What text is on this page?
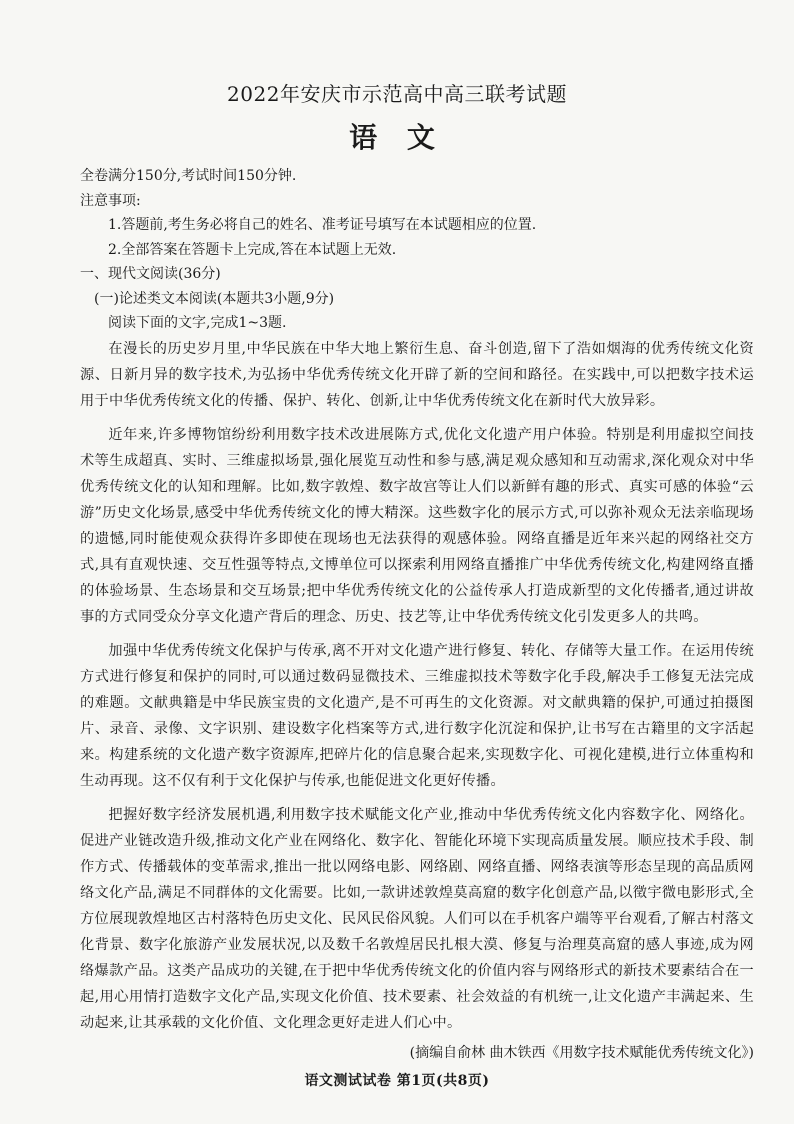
2022年安庆市示范高中高三联考试题
语 文

全卷满分150分,考试时间150分钟.

注意事项:

1.答题前,考生务必将自己的姓名、准考证号填写在本试题相应的位置.

2.全部答案在答题卡上完成,答在本试题上无效.

一、现代文阅读(36分)

(一)论述类文本阅读(本题共3小题,9分)

阅读下面的文字,完成1~3题.

在漫长的历史岁月里,中华民族在中华大地上繁衍生息、奋斗创造,留下了浩如烟海的优秀传统文化资源、日新月异的数字技术,为弘扬中华优秀传统文化开辟了新的空间和路径。在实践中,可以把数字技术运用于中华优秀传统文化的传播、保护、转化、创新,让中华优秀传统文化在新时代大放异彩。

近年来,许多博物馆纷纷利用数字技术改进展陈方式,优化文化遗产用户体验。特别是利用虚拟空间技术等生成超真、实时、三维虚拟场景,强化展览互动性和参与感,满足观众感知和互动需求,深化观众对中华优秀传统文化的认知和理解。比如,数字敦煌、数字故宫等让人们以新鲜有趣的形式、真实可感的体验“云游”历史文化场景,感受中华优秀传统文化的博大精深。这些数字化的展示方式,可以弥补观众无法亲临现场的遗憾,同时能使观众获得许多即使在现场也无法获得的观感体验。网络直播是近年来兴起的网络社交方式,具有直观快速、交互性强等特点,文博单位可以探索利用网络直播推广中华优秀传统文化,构建网络直播的体验场景、生态场景和交互场景;把中华优秀传统文化的公益传承人打造成新型的文化传播者,通过讲故事的方式同受众分享文化遗产背后的理念、历史、技艺等,让中华优秀传统文化引发更多人的共鸣。

加强中华优秀传统文化保护与传承,离不开对文化遗产进行修复、转化、存储等大量工作。在运用传统方式进行修复和保护的同时,可以通过数码显微技术、三维虚拟技术等数字化手段,解决手工修复无法完成的难题。文献典籍是中华民族宝贵的文化遗产,是不可再生的文化资源。对文献典籍的保护,可通过拍摄图片、录音、录像、文字识别、建设数字化档案等方式,进行数字化沉淀和保护,让书写在古籍里的文字活起来。构建系统的文化遗产数字资源库,把碎片化的信息聚合起来,实现数字化、可视化建模,进行立体重构和生动再现。这不仅有利于文化保护与传承,也能促进文化更好传播。

把握好数字经济发展机遇,利用数字技术赋能文化产业,推动中华优秀传统文化内容数字化、网络化。促进产业链改造升级,推动文化产业在网络化、数字化、智能化环境下实现高质量发展。顺应技术手段、制作方式、传播载体的变革需求,推出一批以网络电影、网络剧、网络直播、网络表演等形态呈现的高品质网络文化产品,满足不同群体的文化需要。比如,一款讲述敦煌莫高窟的数字化创意产品,以徵宇微电影形式,全方位展现敦煌地区古村落特色历史文化、民风民俗风貌。人们可以在手机客户端等平台观看,了解古村落文化背景、数字化旅游产业发展状况,以及数千名敦煌居民扎根大漠、修复与治理莫高窟的感人事迹,成为网络爆款产品。这类产品成功的关键,在于把中华优秀传统文化的价值内容与网络形式的新技术要素结合在一起,用心用情打造数字文化产品,实现文化价值、技术要素、社会效益的有机统一,让文化遗产丰满起来、生动起来,让其承载的文化价值、文化理念更好走进人们心中。

(摘编自俞林 曲木铁西《用数字技术赋能优秀传统文化》)

语文测试试卷 第1页(共8页)
